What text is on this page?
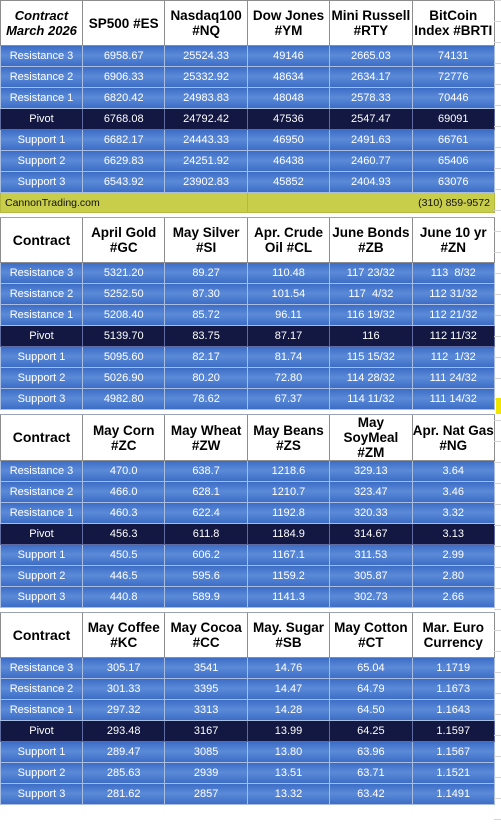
Contract March 2026	SP500 #ES	Nasdaq100 #NQ	Dow Jones #YM	Mini Russell #RTY	BitCoin Index #BRTI
Resistance 3	6958.67	25524.33	49146	2665.03	74131
Resistance 2	6906.33	25332.92	48634	2634.17	72776
Resistance 1	6820.42	24983.83	48048	2578.33	70446
Pivot	6768.08	24792.42	47536	2547.47	69091
Support 1	6682.17	24443.33	46950	2491.63	66761
Support 2	6629.83	24251.92	46438	2460.77	65406
Support 3	6543.92	23902.83	45852	2404.93	63076
CannonTrading.com			(310) 859-9572		

Contract	April Gold #GC	May Silver #SI	Apr. Crude Oil #CL	June Bonds #ZB	June 10 yr #ZN
Resistance 3	5321.20	89.27	110.48	117 23/32	113  8/32
Resistance 2	5252.50	87.30	101.54	117  4/32	112 31/32
Resistance 1	5208.40	85.72	96.11	116 19/32	112 21/32
Pivot	5139.70	83.75	87.17	116	112 11/32
Support 1	5095.60	82.17	81.74	115 15/32	112  1/32
Support 2	5026.90	80.20	72.80	114 28/32	111 24/32
Support 3	4982.80	78.62	67.37	114 11/32	111 14/32

Contract	May Corn #ZC	May Wheat #ZW	May Beans #ZS	May SoyMeal #ZM	Apr. Nat Gas #NG
Resistance 3	470.0	638.7	1218.6	329.13	3.64
Resistance 2	466.0	628.1	1210.7	323.47	3.46
Resistance 1	460.3	622.4	1192.8	320.33	3.32
Pivot	456.3	611.8	1184.9	314.67	3.13
Support 1	450.5	606.2	1167.1	311.53	2.99
Support 2	446.5	595.6	1159.2	305.87	2.80
Support 3	440.8	589.9	1141.3	302.73	2.66

Contract	May Coffee #KC	May Cocoa #CC	May. Sugar #SB	May Cotton #CT	Mar. Euro Currency
Resistance 3	305.17	3541	14.76	65.04	1.1719
Resistance 2	301.33	3395	14.47	64.79	1.1673
Resistance 1	297.32	3313	14.28	64.50	1.1643
Pivot	293.48	3167	13.99	64.25	1.1597
Support 1	289.47	3085	13.80	63.96	1.1567
Support 2	285.63	2939	13.51	63.71	1.1521
Support 3	281.62	2857	13.32	63.42	1.1491
